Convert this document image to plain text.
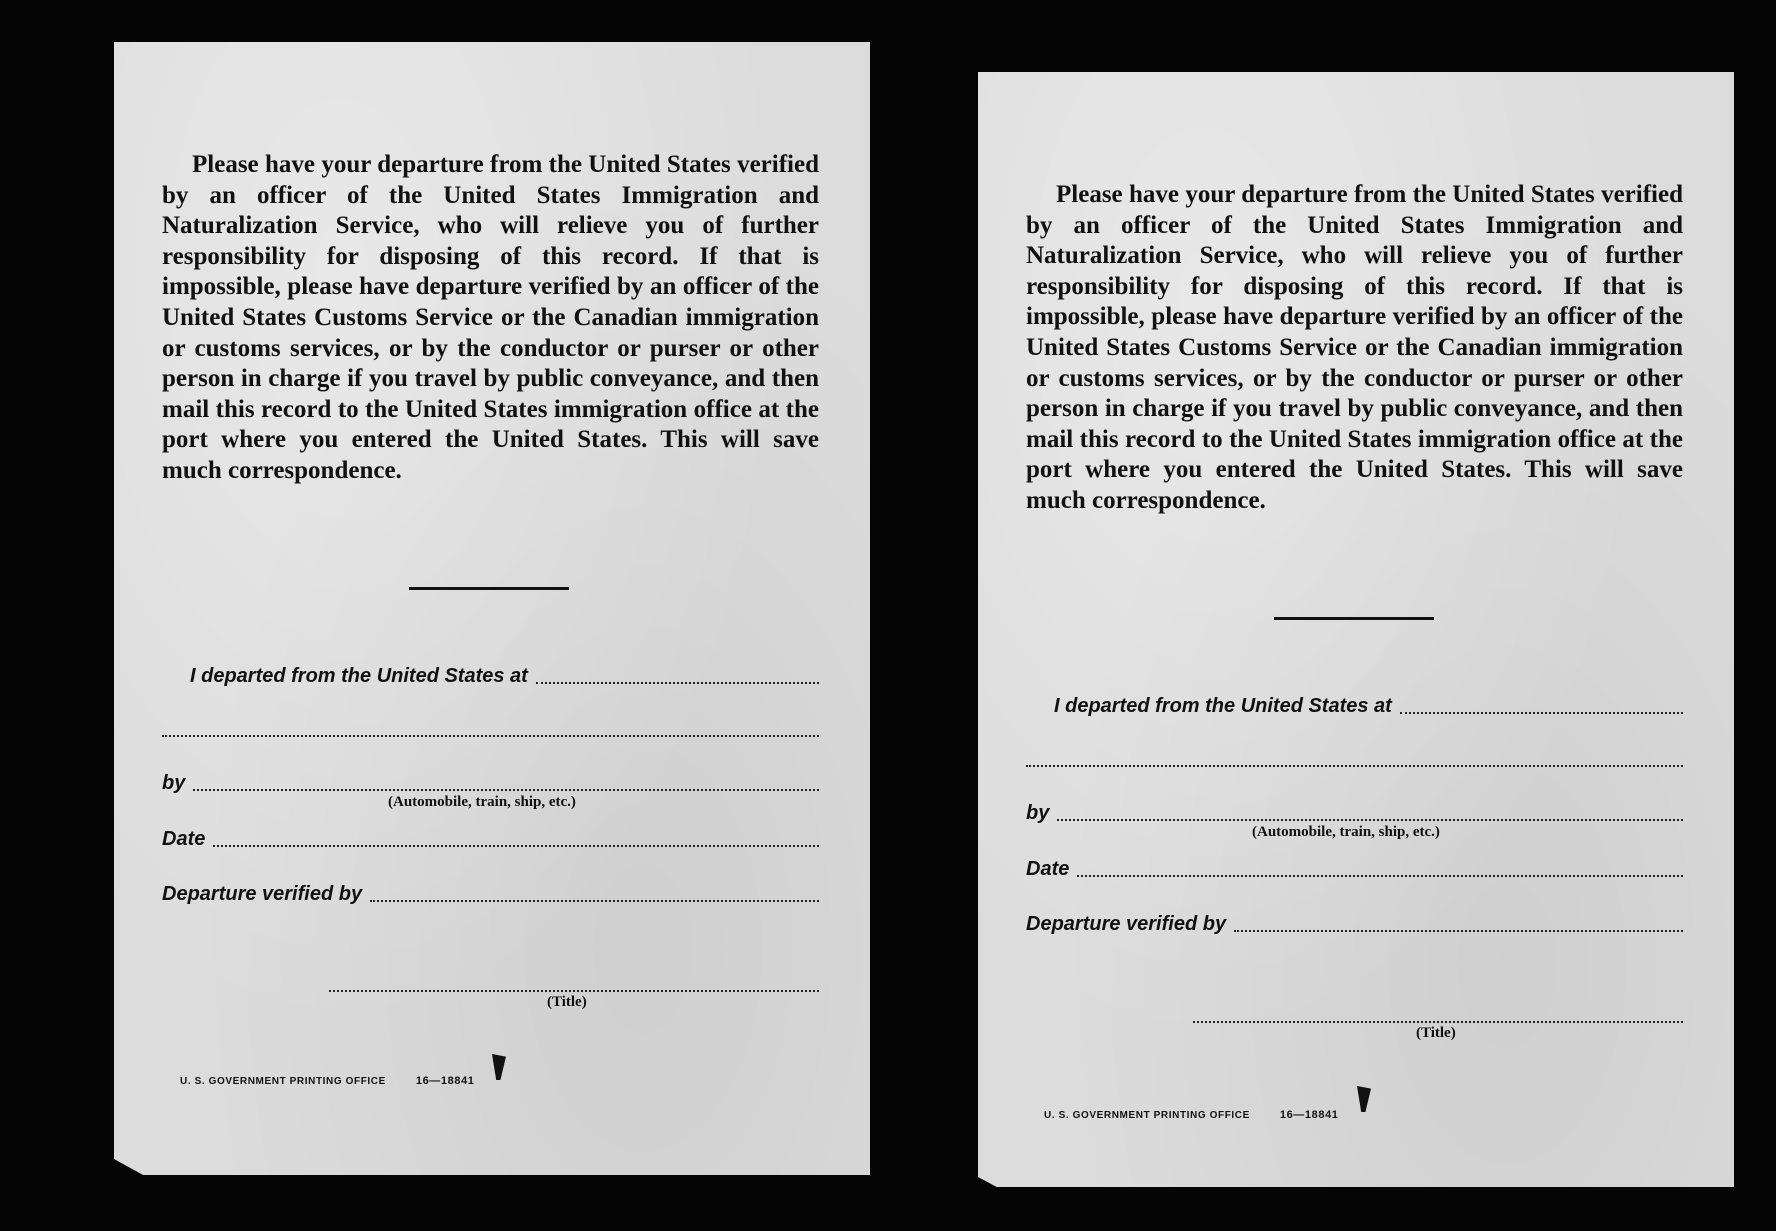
Please have your departure from the United States verified by an officer of the United States Immigration and Naturalization Service, who will relieve you of further responsibility for disposing of this record. If that is impossible, please have departure verified by an officer of the United States Customs Service or the Canadian immigration or customs services, or by the conductor or purser or other person in charge if you travel by public conveyance, and then mail this record to the United States immigration office at the port where you entered the United States. This will save much correspondence.

I departed from the United States at
by
(Automobile, train, ship, etc.)
Date
Departure verified by
(Title)
U. S. GOVERNMENT PRINTING OFFICE	16—18841

Please have your departure from the United States verified by an officer of the United States Immigration and Naturalization Service, who will relieve you of further responsibility for disposing of this record. If that is impossible, please have departure verified by an officer of the United States Customs Service or the Canadian immigration or customs services, or by the conductor or purser or other person in charge if you travel by public conveyance, and then mail this record to the United States immigration office at the port where you entered the United States. This will save much correspondence.

I departed from the United States at
by
(Automobile, train, ship, etc.)
Date
Departure verified by
(Title)
U. S. GOVERNMENT PRINTING OFFICE	16—18841
